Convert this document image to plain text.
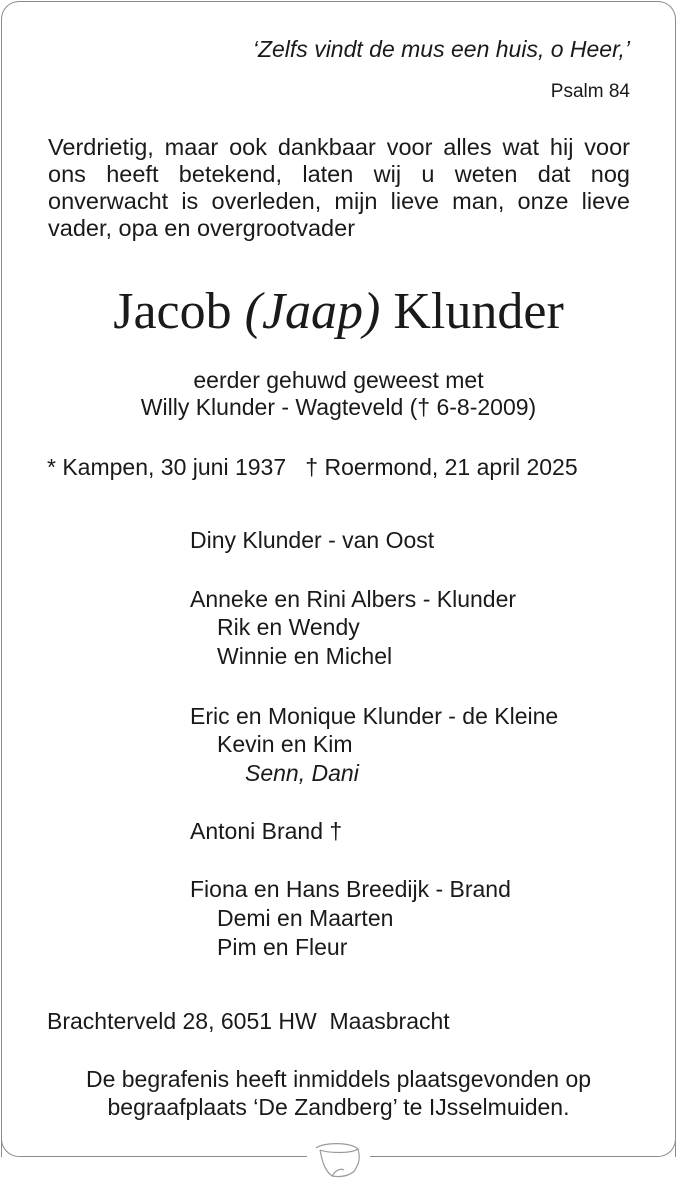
‘Zelfs vindt de mus een huis, o Heer,’

Psalm 84

Verdrietig, maar ook dankbaar voor alles wat hij voor ons heeft betekend, laten wij u weten dat nog onverwacht is overleden, mijn lieve man, onze lieve vader, opa en overgrootvader

Jacob (Jaap) Klunder

eerder gehuwd geweest met

Willy Klunder - Wagteveld († 6-8-2009)

* Kampen, 30 juni 1937   † Roermond, 21 april 2025

Diny Klunder - van Oost

Anneke en Rini Albers - Klunder

Rik en Wendy

Winnie en Michel

Eric en Monique Klunder - de Kleine

Kevin en Kim

Senn, Dani

Antoni Brand †

Fiona en Hans Breedijk - Brand

Demi en Maarten

Pim en Fleur

Brachterveld 28, 6051 HW  Maasbracht

De begrafenis heeft inmiddels plaatsgevonden op

begraafplaats ‘De Zandberg’ te IJsselmuiden.
